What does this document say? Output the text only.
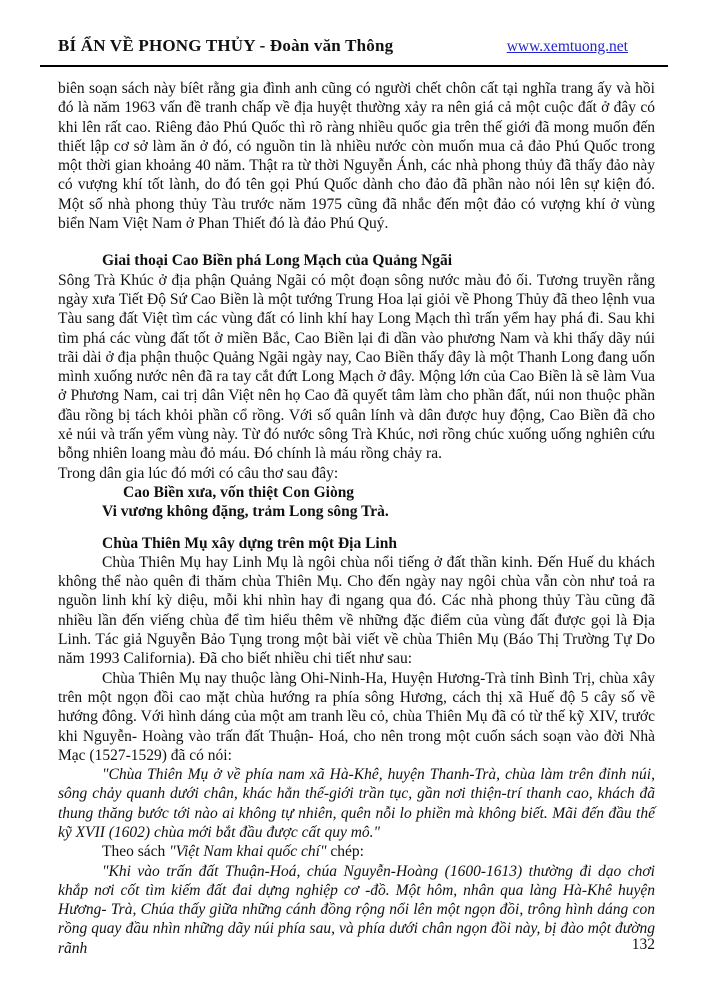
BÍ ẨN VỀ PHONG THỦY - Đoàn văn Thông	www.xemtuong.net

biên soạn sách này bíêt rằng gia đình anh cũng có người chết chôn cất tại nghĩa trang ấy và hồi đó là năm 1963 vấn đề tranh chấp về địa huyệt thường xảy ra nên giá cả một cuộc đất ở đây có khi lên rất cao. Riêng đảo Phú Quốc thì rõ ràng nhiều quốc gia trên thế giới đã mong muốn đến thiết lập cơ sở làm ăn ở đó, có nguồn tin là nhiều nước còn muốn mua cả đảo Phú Quốc trong một thời gian khoảng 40 năm. Thật ra từ thời Nguyễn Ánh, các nhà phong thủy đã thấy đảo này có vượng khí tốt lành, do đó tên gọi Phú Quốc dành cho đảo đã phần nào nói lên sự kiện đó. Một số nhà phong thủy Tàu trước năm 1975 cũng đã nhắc đến một đảo có vượng khí ở vùng biển Nam Việt Nam ở Phan Thiết đó là đảo Phú Quý.

Giai thoại Cao Biền phá Long Mạch của Quảng Ngãi

Sông Trà Khúc ở địa phận Quảng Ngãi có một đoạn sông nước màu đỏ ối. Tương truyền rằng ngày xưa Tiết Độ Sứ Cao Biền là một tướng Trung Hoa lại giỏi về Phong Thủy đã theo lệnh vua Tàu sang đất Việt tìm các vùng đất có linh khí hay Long Mạch thì trấn yểm hay phá đi. Sau khi tìm phá các vùng đất tốt ở miền Bắc, Cao Biền lại đi dần vào phương Nam và khi thấy dãy núi trãi dài ở địa phận thuộc Quảng Ngãi ngày nay, Cao Biền thấy đây là một Thanh Long đang uốn mình xuống nước nên đã ra tay cắt đứt Long Mạch ở đây. Mộng lớn của Cao Biền là sẽ làm Vua ở Phương Nam, cai trị dân Việt nên họ Cao đã quyết tâm làm cho phần đất, núi non thuộc phần đầu rồng bị tách khỏi phần cổ rồng. Với số quân lính và dân được huy động, Cao Biền đã cho xẻ núi và trấn yểm vùng này. Từ đó nước sông Trà Khúc, nơi rồng chúc xuống uống nghiên cứu bỗng nhiên loang màu đỏ máu. Đó chính là máu rồng chảy ra.

Trong dân gia lúc đó mới có câu thơ sau đây:

Cao Biền xưa, vốn thiệt Con Giòng

Vi vương không đặng, trảm Long sông Trà.

Chùa Thiên Mụ xây dựng trên một Địa Linh

Chùa Thiên Mụ hay Linh Mụ là ngôi chùa nổi tiếng ở đất thần kinh. Đến Huế du khách không thể nào quên đi thăm chùa Thiên Mụ. Cho đến ngày nay ngôi chùa vẫn còn như toả ra nguồn linh khí kỳ diệu, mỗi khi nhìn hay đi ngang qua đó. Các nhà phong thủy Tàu cũng đã nhiều lần đến viếng chùa để tìm hiểu thêm về những đặc điểm của vùng đất được gọi là Địa Linh. Tác giả Nguyễn Bảo Tụng trong một bài viết về chùa Thiên Mụ (Báo Thị Trường Tự Do năm 1993 California). Đã cho biết nhiều chi tiết như sau:

Chùa Thiên Mụ nay thuộc làng Ohi-Ninh-Ha, Huyện Hương-Trà tỉnh Bình Trị, chùa xây trên một ngọn đồi cao mặt chùa hướng ra phía sông Hương, cách thị xã Huế độ 5 cây số về hướng đông. Với hình dáng của một am tranh lều cỏ, chùa Thiên Mụ đã có từ thế kỹ XIV, trước khi Nguyễn- Hoàng vào trấn đất Thuận- Hoá, cho nên trong một cuốn sách soạn vào đời Nhà Mạc (1527-1529) đã có nói:

"Chùa Thiên Mụ ở về phía nam xã Hà-Khê, huyện Thanh-Trà, chùa làm trên đỉnh núi, sông chảy quanh dưới chân, khác hẳn thế-giới trần tục, gần nơi thiện-trí thanh cao, khách đã thung thăng bước tới nào ai không tự nhiên, quên nỗi lo phiền mà không biết. Mãi đến đầu thế kỹ XVII (1602) chùa mới bắt đầu được cất quy mô."

Theo sách "Việt Nam khai quốc chí" chép:

"Khi vào trấn đất Thuận-Hoá, chúa Nguyễn-Hoàng (1600-1613) thường đi dạo chơi khắp nơi cốt tìm kiếm đất đai dựng nghiệp cơ -đồ. Một hôm, nhân qua làng Hà-Khê huyện Hương- Trà, Chúa thấy giữa những cánh đồng rộng nổi lên một ngọn đồi, trông hình dáng con rồng quay đầu nhìn những dãy núi phía sau, và phía dưới chân ngọn đồi này, bị đào một đường rãnh	132
